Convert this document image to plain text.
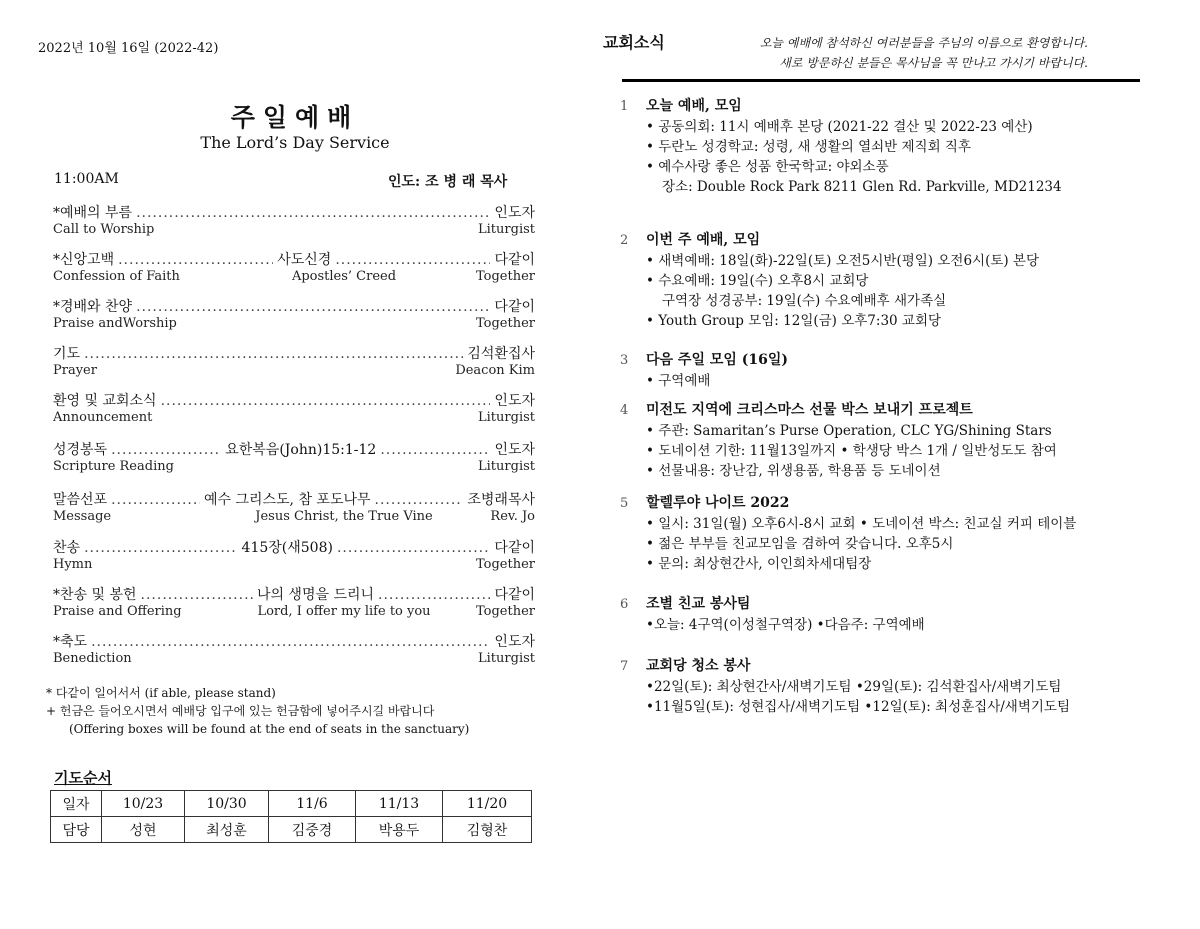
2022년 10월 16일 (2022-42)
주일예배
The Lord’s Day Service
11:00AM	인도: 조 병 래 목사
*예배의 부름 .....	인도자
Call to Worship	Liturgist
*신앙고백 .....	사도신경 .....	다같이
Confession of Faith	Apostles’ Creed	Together
*경배와 찬양 .....	다같이
Praise andWorship	Together
기도 .....	김석환집사
Prayer	Deacon Kim
환영 및 교회소식 .....	인도자
Announcement	Liturgist
성경봉독 .....	요한복음(John)15:1-12 .....	인도자
Scripture Reading	Liturgist
말씀선포 .....	예수 그리스도, 참 포도나무 .....	조병래목사
Message	Jesus Christ, the True Vine	Rev. Jo
찬송 .....	415장(새508) .....	다같이
Hymn	Together
*찬송 및 봉헌 .....	나의 생명을 드리니 .....	다같이
Praise and Offering	Lord, I offer my life to you	Together
*축도 .....	인도자
Benediction	Liturgist
* 다같이 일어서서 (if able, please stand)
+ 헌금은 들어오시면서 예배당 입구에 있는 헌금함에 넣어주시길 바랍니다
(Offering boxes will be found at the end of seats in the sanctuary)
기도순서
일자	10/23	10/30	11/6	11/13	11/20
담당	성현	최성훈	김중경	박용두	김형찬
교회소식	오늘 예배에 참석하신 여러분들을 주님의 이름으로 환영합니다.
새로 방문하신 분들은 목사님을 꼭 만나고 가시기 바랍니다.
1 오늘 예배, 모임
• 공동의회: 11시 예배후 본당 (2021-22 결산 및 2022-23 예산)
• 두란노 성경학교: 성령, 새 생활의 열쇠반 제직회 직후
• 예수사랑 좋은 성품 한국학교: 야외소풍
장소: Double Rock Park 8211 Glen Rd. Parkville, MD21234
2 이번 주 예배, 모임
• 새벽예배: 18일(화)-22일(토) 오전5시반(평일) 오전6시(토) 본당
• 수요예배: 19일(수) 오후8시 교회당
구역장 성경공부: 19일(수) 수요예배후 새가족실
• Youth Group 모임: 12일(금) 오후7:30 교회당
3 다음 주일 모임 (16일)
• 구역예배
4 미전도 지역에 크리스마스 선물 박스 보내기 프로젝트
• 주관: Samaritan’s Purse Operation, CLC YG/Shining Stars
• 도네이션 기한: 11월13일까지 • 학생당 박스 1개 / 일반성도도 참여
• 선물내용: 장난감, 위생용품, 학용품 등 도네이션
5 할렐루야 나이트 2022
• 일시: 31일(월) 오후6시-8시 교회 • 도네이션 박스: 친교실 커피 테이블
• 젊은 부부들 친교모임을 겸하여 갖습니다. 오후5시
• 문의: 최상현간사, 이인희차세대팀장
6 조별 친교 봉사팀
•오늘: 4구역(이성철구역장) •다음주: 구역예배
7 교회당 청소 봉사
•22일(토): 최상현간사/새벽기도팀 •29일(토): 김석환집사/새벽기도팀
•11월5일(토): 성현집사/새벽기도팀 •12일(토): 최성훈집사/새벽기도팀
